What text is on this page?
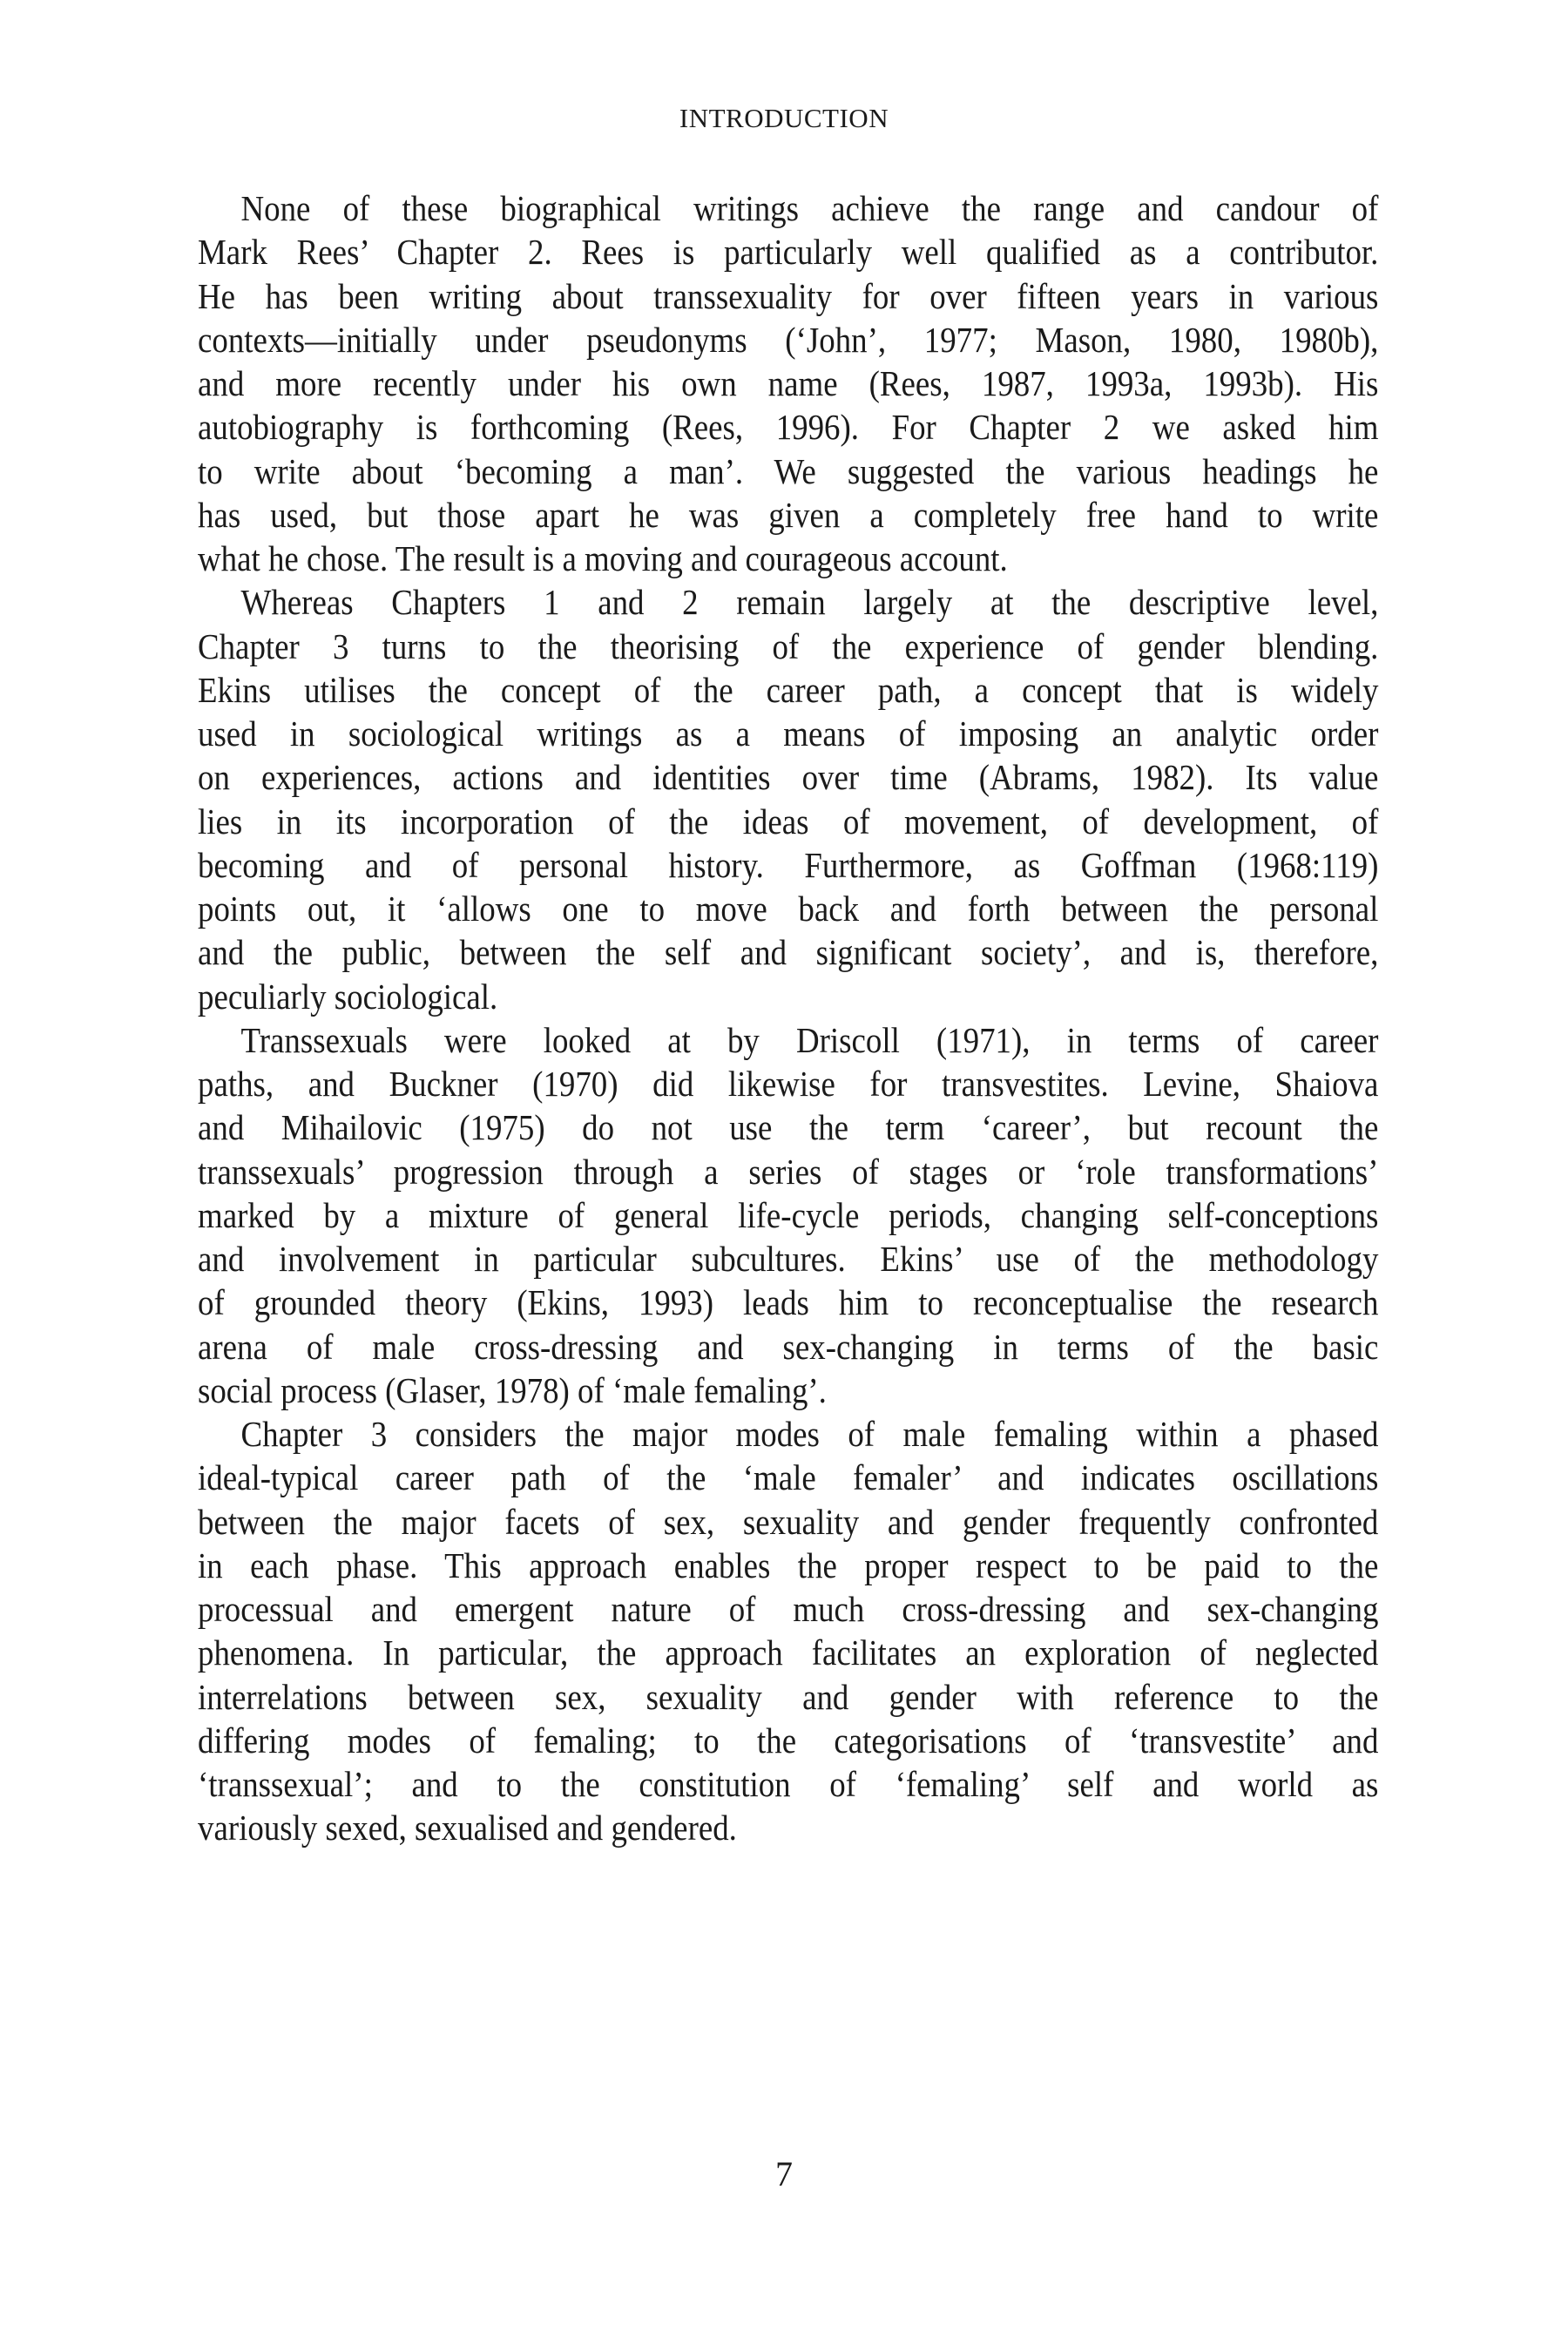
INTRODUCTION
None of these biographical writings achieve the range and candour of
Mark Rees’ Chapter 2. Rees is particularly well qualified as a contributor.
He has been writing about transsexuality for over fifteen years in various
contexts—initially under pseudonyms (‘John’, 1977; Mason, 1980, 1980b),
and more recently under his own name (Rees, 1987, 1993a, 1993b). His
autobiography is forthcoming (Rees, 1996). For Chapter 2 we asked him
to write about ‘becoming a man’. We suggested the various headings he
has used, but those apart he was given a completely free hand to write
what he chose. The result is a moving and courageous account.
Whereas Chapters 1 and 2 remain largely at the descriptive level,
Chapter 3 turns to the theorising of the experience of gender blending.
Ekins utilises the concept of the career path, a concept that is widely
used in sociological writings as a means of imposing an analytic order
on experiences, actions and identities over time (Abrams, 1982). Its value
lies in its incorporation of the ideas of movement, of development, of
becoming and of personal history. Furthermore, as Goffman (1968:119)
points out, it ‘allows one to move back and forth between the personal
and the public, between the self and significant society’, and is, therefore,
peculiarly sociological.
Transsexuals were looked at by Driscoll (1971), in terms of career
paths, and Buckner (1970) did likewise for transvestites. Levine, Shaiova
and Mihailovic (1975) do not use the term ‘career’, but recount the
transsexuals’ progression through a series of stages or ‘role transformations’
marked by a mixture of general life-cycle periods, changing self-conceptions
and involvement in particular subcultures. Ekins’ use of the methodology
of grounded theory (Ekins, 1993) leads him to reconceptualise the research
arena of male cross-dressing and sex-changing in terms of the basic
social process (Glaser, 1978) of ‘male femaling’.
Chapter 3 considers the major modes of male femaling within a phased
ideal-typical career path of the ‘male femaler’ and indicates oscillations
between the major facets of sex, sexuality and gender frequently confronted
in each phase. This approach enables the proper respect to be paid to the
processual and emergent nature of much cross-dressing and sex-changing
phenomena. In particular, the approach facilitates an exploration of neglected
interrelations between sex, sexuality and gender with reference to the
differing modes of femaling; to the categorisations of ‘transvestite’ and
‘transsexual’; and to the constitution of ‘femaling’ self and world as
variously sexed, sexualised and gendered.
7
